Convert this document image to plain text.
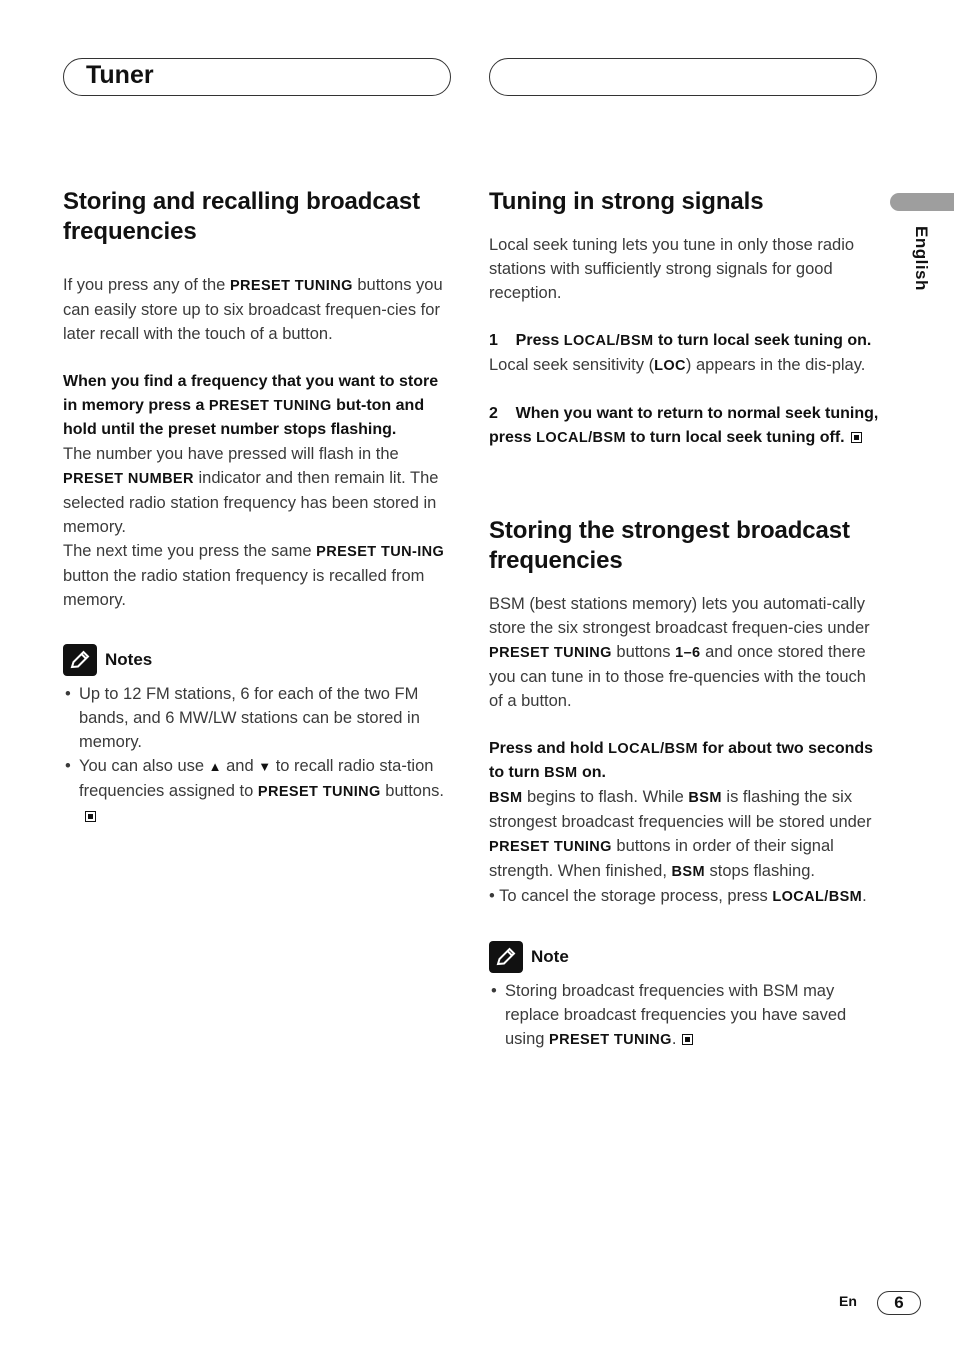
Tuner
English
Storing and recalling broadcast frequencies

If you press any of the PRESET TUNING buttons you can easily store up to six broadcast frequen-cies for later recall with the touch of a button.

When you find a frequency that you want to store in memory press a PRESET TUNING but-ton and hold until the preset number stops flashing.

The number you have pressed will flash in the PRESET NUMBER indicator and then remain lit. The selected radio station frequency has been stored in memory.

The next time you press the same PRESET TUN-ING button the radio station frequency is recalled from memory.

Notes
• Up to 12 FM stations, 6 for each of the two FM bands, and 6 MW/LW stations can be stored in memory.
• You can also use ▲ and ▼ to recall radio sta-tion frequencies assigned to PRESET TUNING buttons.
Tuning in strong signals

Local seek tuning lets you tune in only those radio stations with sufficiently strong signals for good reception.

1    Press LOCAL/BSM to turn local seek tuning on.

Local seek sensitivity (LOC) appears in the dis-play.

2    When you want to return to normal seek tuning, press LOCAL/BSM to turn local seek tuning off.

Storing the strongest broadcast frequencies

BSM (best stations memory) lets you automati-cally store the six strongest broadcast frequen-cies under PRESET TUNING buttons 1–6 and once stored there you can tune in to those fre-quencies with the touch of a button.

Press and hold LOCAL/BSM for about two seconds to turn BSM on.

BSM begins to flash. While BSM is flashing the six strongest broadcast frequencies will be stored under PRESET TUNING buttons in order of their signal strength. When finished, BSM stops flashing.

• To cancel the storage process, press LOCAL/BSM.

Note
• Storing broadcast frequencies with BSM may replace broadcast frequencies you have saved using PRESET TUNING.
En	6
